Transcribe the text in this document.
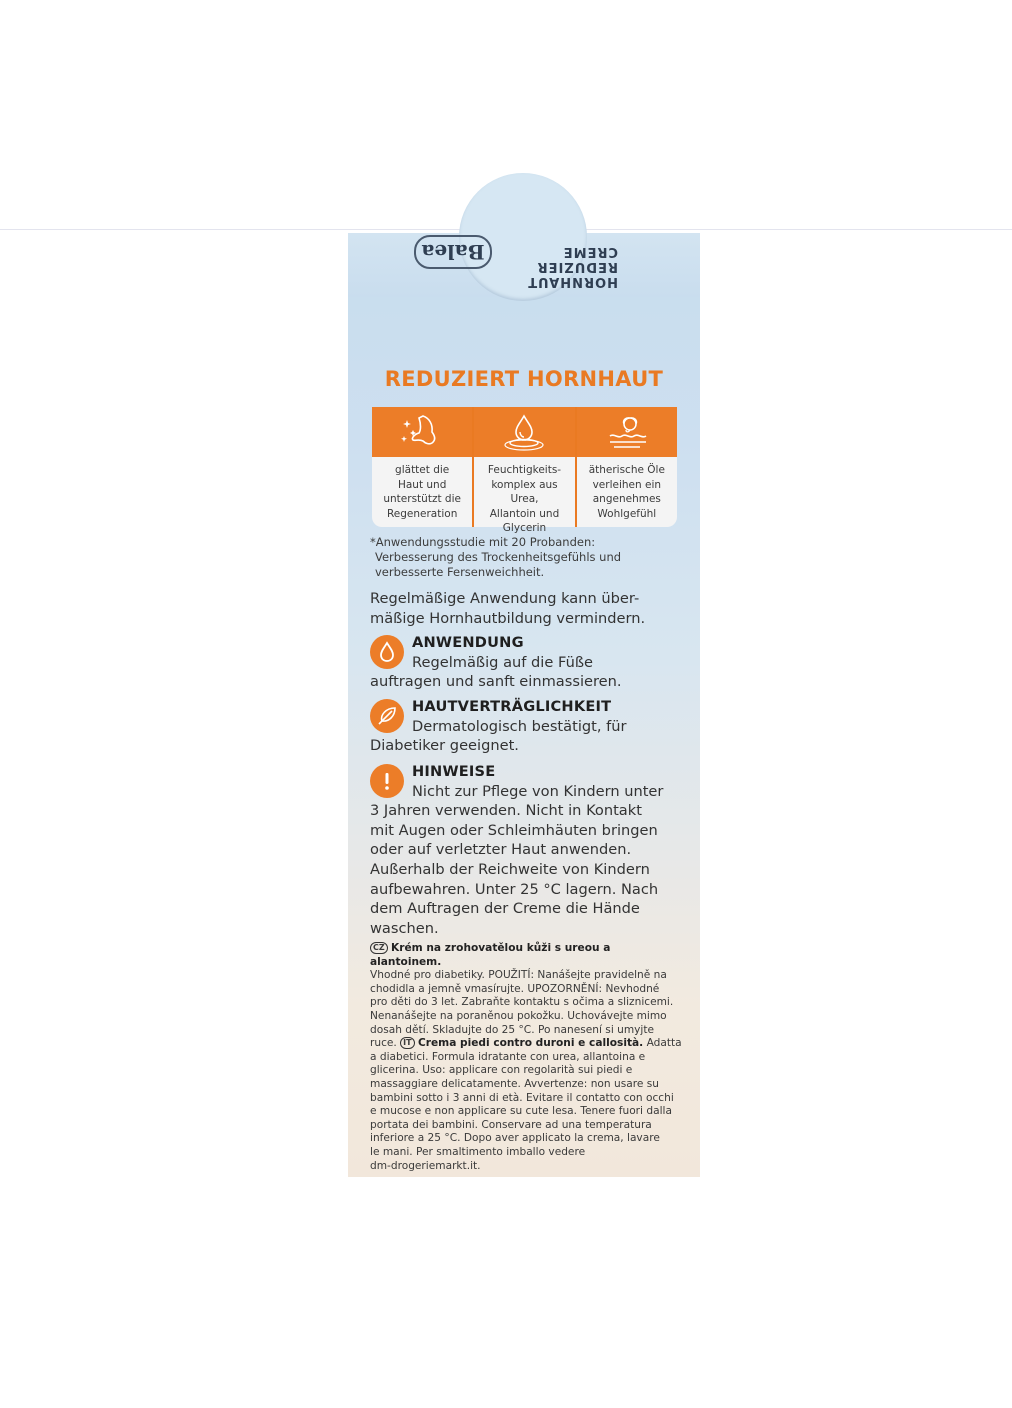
Balea
HORNHAUT
REDUZIER
CREME
REDUZIERT HORNHAUT
glättet die
Haut und
unterstützt die
Regeneration
Feuchtigkeits-
komplex aus Urea,
Allantoin und
Glycerin
ätherische Öle
verleihen ein
angenehmes
Wohlgefühl
*Anwendungsstudie mit 20 Probanden:
Verbesserung des Trockenheitsgefühls und
verbesserte Fersenweichheit.
Regelmäßige Anwendung kann über-
mäßige Hornhautbildung vermindern.
ANWENDUNG
Regelmäßig auf die Füße
auftragen und sanft einmassieren.
HAUTVERTRÄGLICHKEIT
Dermatologisch bestätigt, für
Diabetiker geeignet.
HINWEISE
Nicht zur Pflege von Kindern unter
3 Jahren verwenden. Nicht in Kontakt
mit Augen oder Schleimhäuten bringen
oder auf verletzter Haut anwenden.
Außerhalb der Reichweite von Kindern
aufbewahren. Unter 25 °C lagern. Nach
dem Auftragen der Creme die Hände
waschen.
CZ Krém na zrohovatělou kůži s ureou a alantoinem.
Vhodné pro diabetiky. POUŽITÍ: Nanášejte pravidelně na
chodidla a jemně vmasírujte. UPOZORNĚNÍ: Nevhodné
pro děti do 3 let. Zabraňte kontaktu s očima a sliznicemi.
Nenanášejte na poraněnou pokožku. Uchovávejte mimo
dosah dětí. Skladujte do 25 °C. Po nanesení si umyjte
ruce. IT Crema piedi contro duroni e callosità. Adatta
a diabetici. Formula idratante con urea, allantoina e
glicerina. Uso: applicare con regolarità sui piedi e
massaggiare delicatamente. Avvertenze: non usare su
bambini sotto i 3 anni di età. Evitare il contatto con occhi
e mucose e non applicare su cute lesa. Tenere fuori dalla
portata dei bambini. Conservare ad una temperatura
inferiore a 25 °C. Dopo aver applicato la crema, lavare
le mani. Per smaltimento imballo vedere
dm-drogeriemarkt.it.
